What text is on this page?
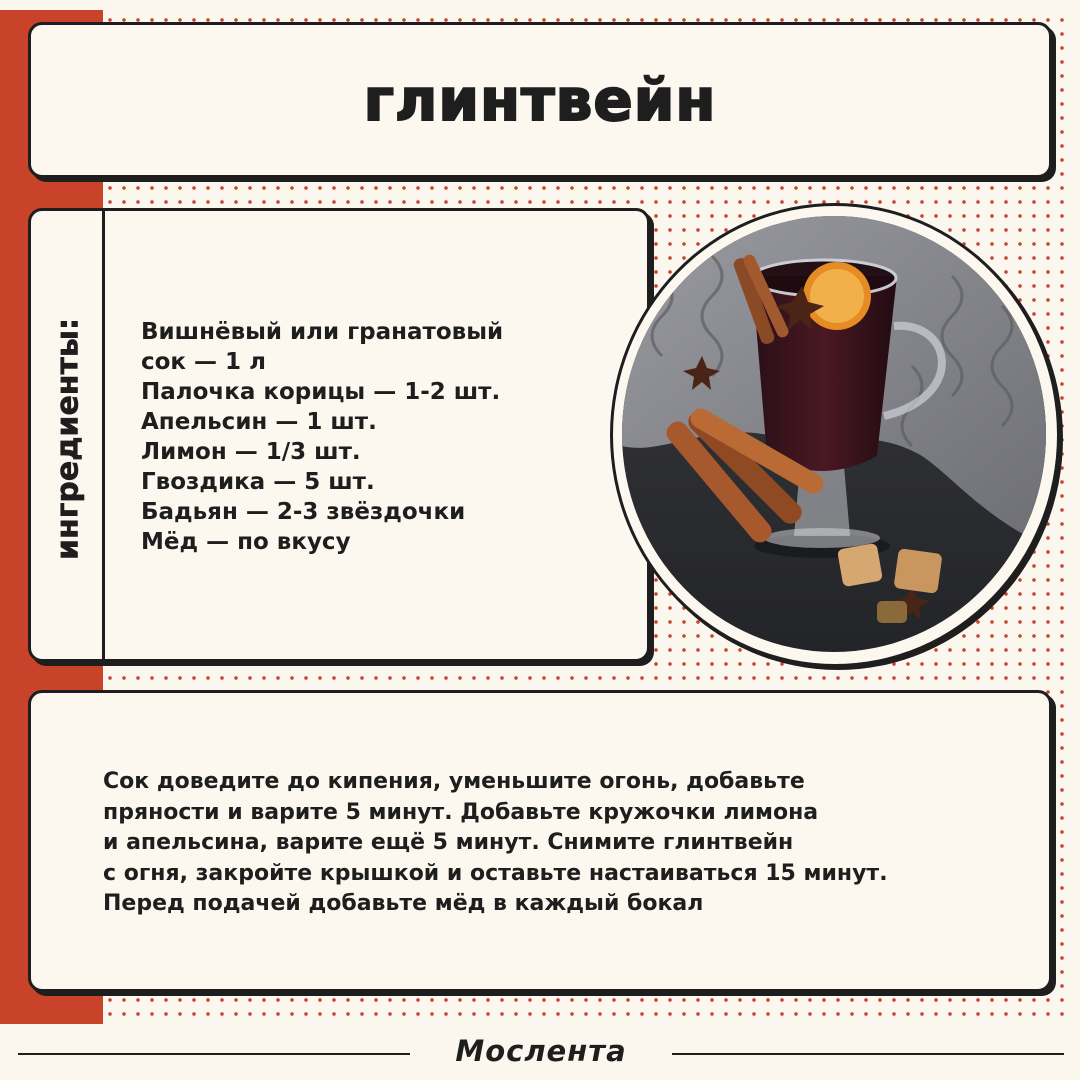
глинтвейн
ингредиенты: Вишнёвый или гранатовый
сок — 1 л
Палочка корицы — 1-2 шт.
Апельсин — 1 шт.
Лимон — 1/3 шт.
Гвоздика — 5 шт.
Бадьян — 2-3 звёздочки
Мёд — по вкусу

Сок доведите до кипения, уменьшите огонь, добавьте
пряности и варите 5 минут. Добавьте кружочки лимона
и апельсина, варите ещё 5 минут. Снимите глинтвейн
с огня, закройте крышкой и оставьте настаиваться 15 минут.
Перед подачей добавьте мёд в каждый бокал

Мослента
